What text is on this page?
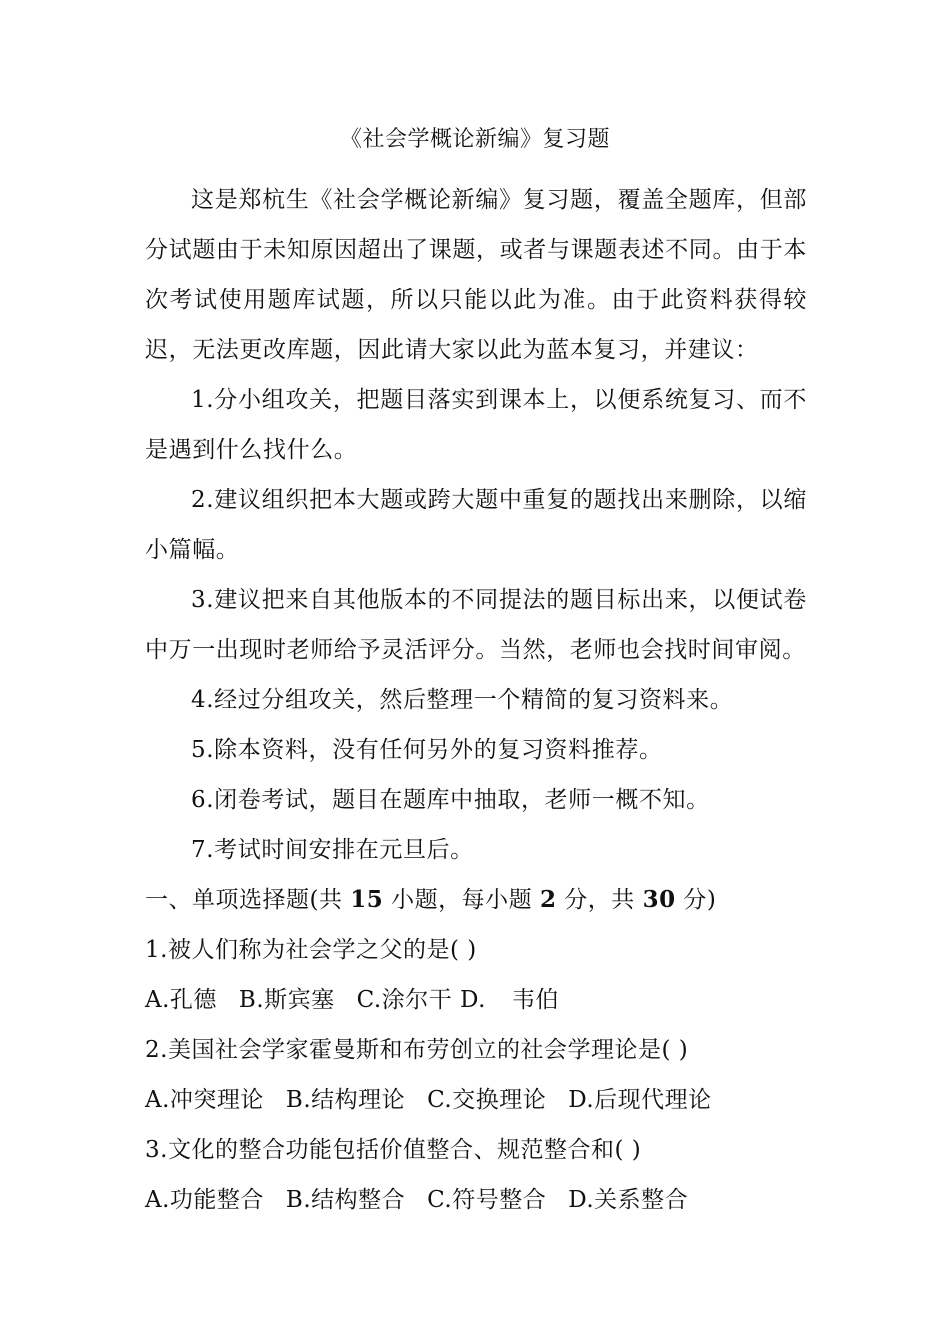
《社会学概论新编》复习题

这是郑杭生《社会学概论新编》复习题，覆盖全题库，但部分试题由于未知原因超出了课题，或者与课题表述不同。由于本次考试使用题库试题，所以只能以此为准。由于此资料获得较迟，无法更改库题，因此请大家以此为蓝本复习，并建议：

1.分小组攻关，把题目落实到课本上，以便系统复习、而不是遇到什么找什么。

2.建议组织把本大题或跨大题中重复的题找出来删除，以缩小篇幅。

3.建议把来自其他版本的不同提法的题目标出来，以便试卷中万一出现时老师给予灵活评分。当然，老师也会找时间审阅。

4.经过分组攻关，然后整理一个精简的复习资料来。

5.除本资料，没有任何另外的复习资料推荐。

6.闭卷考试，题目在题库中抽取，老师一概不知。

7.考试时间安排在元旦后。

一、单项选择题(共 15 小题，每小题 2 分，共 30 分)

1.被人们称为社会学之父的是( )

A.孔德 B.斯宾塞 C.涂尔干 D. 韦伯

2.美国社会学家霍曼斯和布劳创立的社会学理论是( )

A.冲突理论 B.结构理论 C.交换理论 D.后现代理论

3.文化的整合功能包括价值整合、规范整合和( )

A.功能整合 B.结构整合 C.符号整合 D.关系整合
